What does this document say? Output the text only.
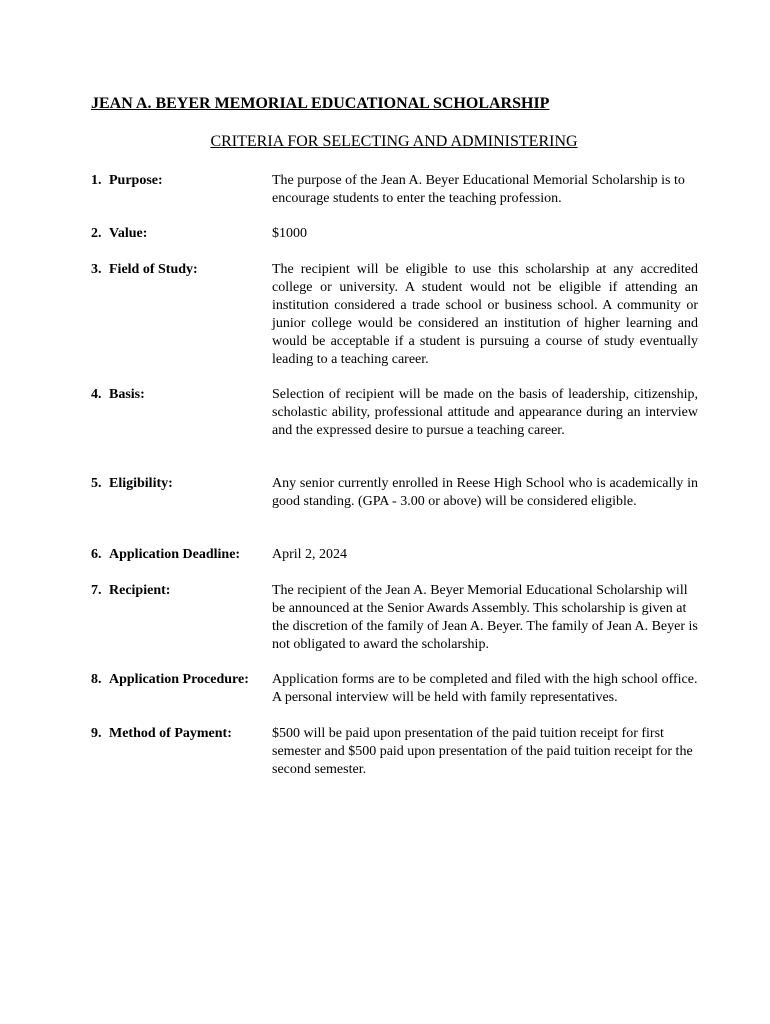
JEAN A. BEYER MEMORIAL EDUCATIONAL SCHOLARSHIP
CRITERIA FOR SELECTING AND ADMINISTERING
1. Purpose:	The purpose of the Jean A. Beyer Educational Memorial Scholarship is to encourage students to enter the teaching profession.
2. Value:	$1000
3. Field of Study:	The recipient will be eligible to use this scholarship at any accredited college or university. A student would not be eligible if attending an institution considered a trade school or business school. A community or junior college would be considered an institution of higher learning and would be acceptable if a student is pursuing a course of study eventually leading to a teaching career.
4. Basis:	Selection of recipient will be made on the basis of leadership, citizenship, scholastic ability, professional attitude and appearance during an interview and the expressed desire to pursue a teaching career.
5. Eligibility:	Any senior currently enrolled in Reese High School who is academically in good standing. (GPA - 3.00 or above) will be considered eligible.
6. Application Deadline: April 2, 2024
7. Recipient:	The recipient of the Jean A. Beyer Memorial Educational Scholarship will be announced at the Senior Awards Assembly. This scholarship is given at the discretion of the family of Jean A. Beyer. The family of Jean A. Beyer is not obligated to award the scholarship.
8. Application Procedure: Application forms are to be completed and filed with the high school office. A personal interview will be held with family representatives.
9. Method of Payment:	$500 will be paid upon presentation of the paid tuition receipt for first semester and $500 paid upon presentation of the paid tuition receipt for the second semester.
